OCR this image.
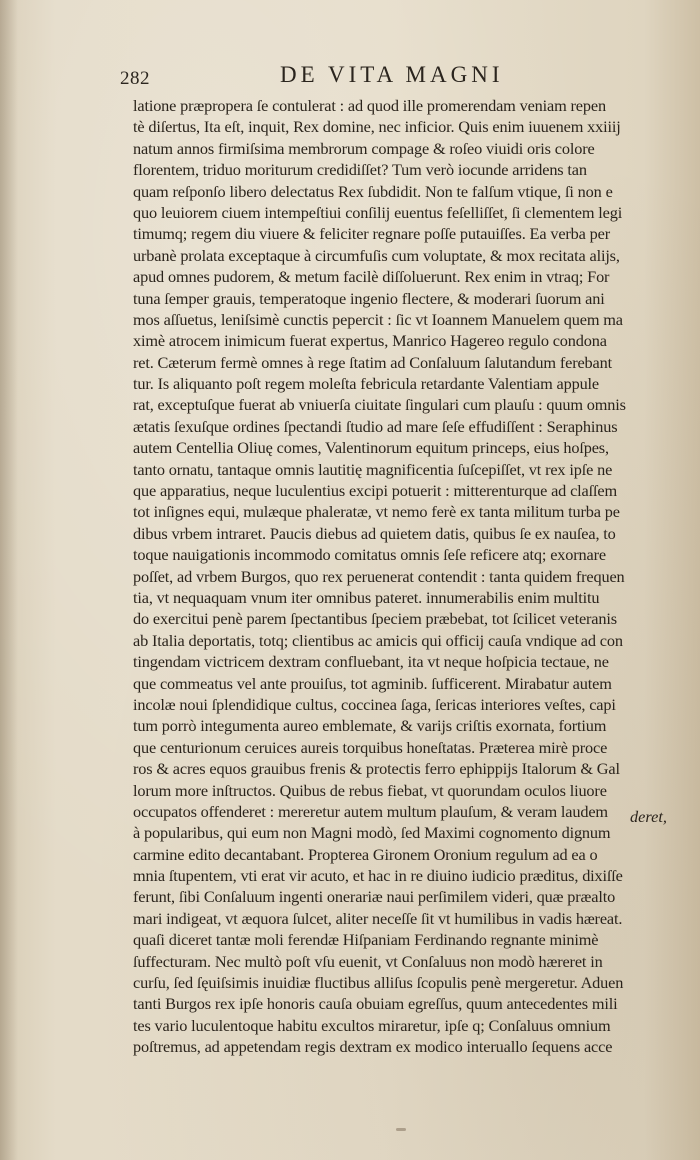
282	DE VITA MAGNI
latione præpropera ſe contulerat : ad quod ille promerendam veniam repen
tè diſertus, Ita eſt, inquit, Rex domine, nec inficior. Quis enim iuuenem xxiiij
natum annos firmiſsima membrorum compage & roſeo viuidi oris colore
florentem, triduo moriturum credidiſſet? Tum verò iocunde arridens tan
quam reſponſo libero delectatus Rex ſubdidit. Non te falſum vtique, ſi non e
quo leuiorem ciuem intempeſtiui conſilij euentus feſelliſſet, ſi clementem legi
timumq; regem diu viuere & feliciter regnare poſſe putauiſſes. Ea verba per
urbanè prolata exceptaque à circumfuſis cum voluptate, & mox recitata alijs,
apud omnes pudorem, & metum facilè diſſoluerunt. Rex enim in vtraq; For
tuna ſemper grauis, temperatoque ingenio flectere, & moderari ſuorum ani
mos aſſuetus, leniſsimè cunctis pepercit : ſic vt Ioannem Manuelem quem ma
ximè atrocem inimicum fuerat expertus, Manrico Hagereo regulo condona
ret. Cæterum fermè omnes à rege ſtatim ad Conſaluum ſalutandum ferebant
tur. Is aliquanto poſt regem moleſta febricula retardante Valentiam appule
rat, exceptuſque fuerat ab vniuerſa ciuitate ſingulari cum plauſu : quum omnis
ætatis ſexuſque ordines ſpectandi ſtudio ad mare ſeſe effudiſſent : Seraphinus
autem Centellia Oliuę comes, Valentinorum equitum princeps, eius hoſpes,
tanto ornatu, tantaque omnis lautitię magnificentia ſuſcepiſſet, vt rex ipſe ne
que apparatius, neque luculentius excipi potuerit : mitterenturque ad claſſem
tot inſignes equi, mulæque phaleratæ, vt nemo ferè ex tanta militum turba pe
dibus vrbem intraret. Paucis diebus ad quietem datis, quibus ſe ex nauſea, to
toque nauigationis incommodo comitatus omnis ſeſe reficere atq; exornare
poſſet, ad vrbem Burgos, quo rex peruenerat contendit : tanta quidem frequen
tia, vt nequaquam vnum iter omnibus pateret. innumerabilis enim multitu
do exercitui penè parem ſpectantibus ſpeciem præbebat, tot ſcilicet veteranis
ab Italia deportatis, totq; clientibus ac amicis qui officij cauſa vndique ad con
tingendam victricem dextram confluebant, ita vt neque hoſpicia tectaue, ne
que commeatus vel ante prouiſus, tot agminib. ſufficerent. Mirabatur autem
incolæ noui ſplendidique cultus, coccinea ſaga, ſericas interiores veſtes, capi
tum porrò integumenta aureo emblemate, & varijs criſtis exornata, fortium
que centurionum ceruices aureis torquibus honeſtatas. Præterea mirè proce
ros & acres equos grauibus frenis & protectis ferro ephippijs Italorum & Gal
lorum more inſtructos. Quibus de rebus fiebat, vt quorundam oculos liuore
occupatos offenderet : mereretur autem multum plauſum, & veram laudem
à popularibus, qui eum non Magni modò, ſed Maximi cognomento dignum
carmine edito decantabant. Propterea Gironem Oronium regulum ad ea o
mnia ſtupentem, vti erat vir acuto, et hac in re diuino iudicio præditus, dixiſſe
ferunt, ſibi Conſaluum ingenti onerariæ naui perſimilem videri, quæ præalto
mari indigeat, vt æquora ſulcet, aliter neceſſe ſit vt humilibus in vadis hæreat.
quaſi diceret tantæ moli ferendæ Hiſpaniam Ferdinando regnante minimè
ſuffecturam. Nec multò poſt vſu euenit, vt Conſaluus non modò hæreret in
curſu, ſed ſęuiſsimis inuidiæ fluctibus alliſus ſcopulis penè mergeretur. Aduen
tanti Burgos rex ipſe honoris cauſa obuiam egreſſus, quum antecedentes mili
tes vario luculentoque habitu excultos miraretur, ipſe q; Conſaluus omnium
poſtremus, ad appetendam regis dextram ex modico interuallo ſequens acce
deret,
